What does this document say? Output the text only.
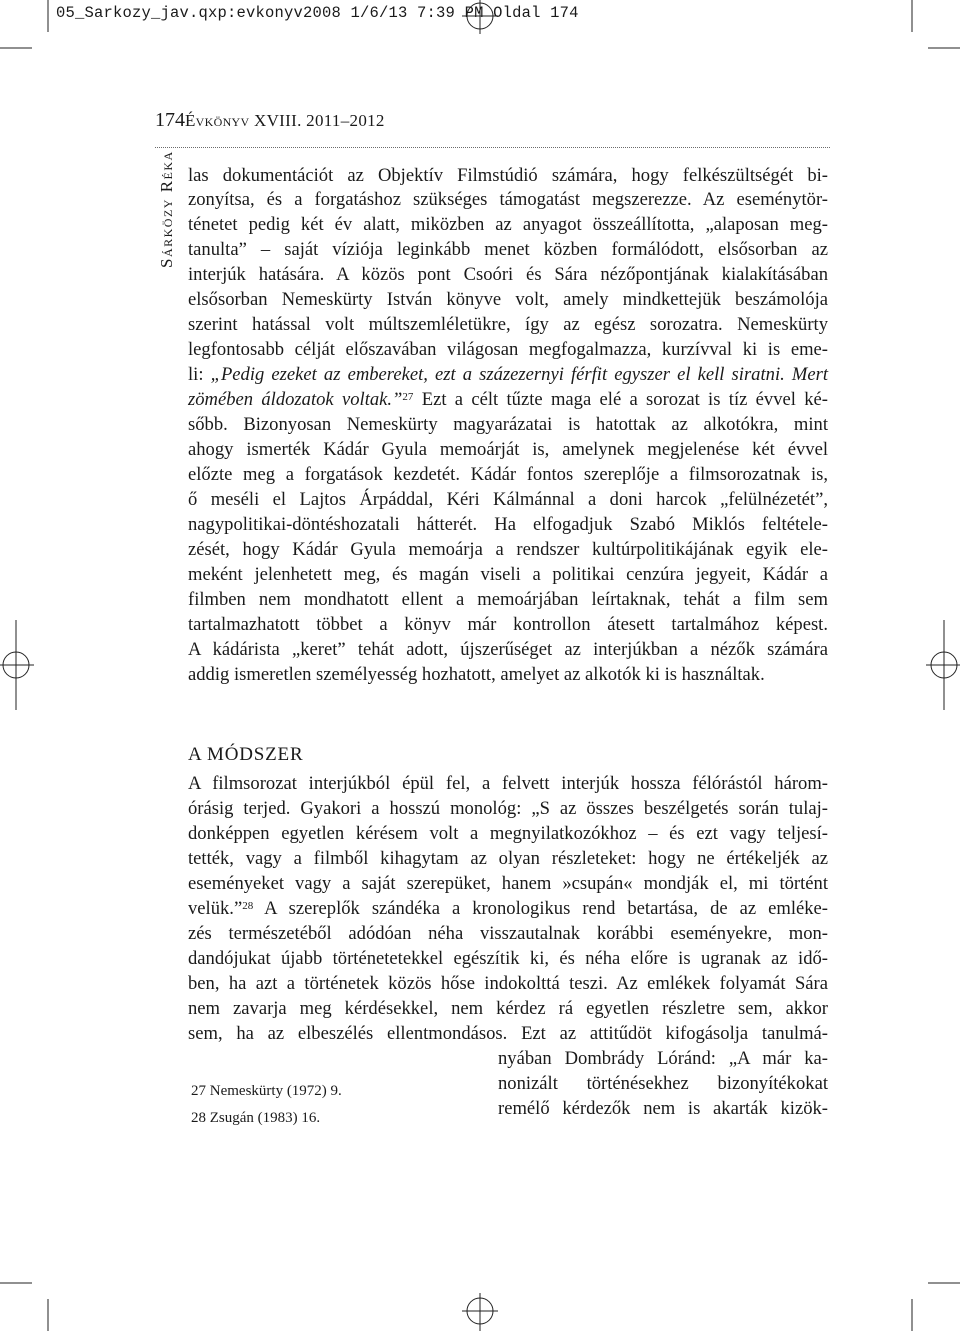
05_Sarkozy_jav.qxp:evkonyv2008 1/6/13 7:39 PM Oldal 174
174 Évkönyv XVIII. 2011–2012
Sárközy Réka las dokumentációt az Objektív Filmstúdió számára, hogy felkészültségét bi-
zonyítsa, és a forgatáshoz szükséges támogatást megszerezze. Az eseménytör-
ténetet pedig két év alatt, miközben az anyagot összeállította, „alaposan meg-
tanulta” – saját víziója leginkább menet közben formálódott, elsősorban az
interjúk hatására. A közös pont Csoóri és Sára nézőpontjának kialakításában
elsősorban Nemeskürty István könyve volt, amely mindkettejük beszámolója
szerint hatással volt múltszemléletükre, így az egész sorozatra. Nemeskürty
legfontosabb célját előszavában világosan megfogalmazza, kurzívval ki is eme-
li: „Pedig ezeket az embereket, ezt a százezernyi férfit egyszer el kell siratni. Mert
zömében áldozatok voltak.”$^{27}$ Ezt a célt tűzte maga elé a sorozat is tíz évvel ké-
sőbb. Bizonyosan Nemeskürty magyarázatai is hatottak az alkotókra, mint
ahogy ismerték Kádár Gyula memoárját is, amelynek megjelenése két évvel
előzte meg a forgatások kezdetét. Kádár fontos szereplője a filmsorozatnak is,
ő meséli el Lajtos Árpáddal, Kéri Kálmánnal a doni harcok „felülnézetét”,
nagypolitikai-döntéshozatali hátterét. Ha elfogadjuk Szabó Miklós feltétele-
zését, hogy Kádár Gyula memoárja a rendszer kultúrpolitikájának egyik ele-
meként jelenhetett meg, és magán viseli a politikai cenzúra jegyeit, Kádár a
filmben nem mondhatott ellent a memoárjában leírtaknak, tehát a film sem
tartalmazhatott többet a könyv már kontrollon átesett tartalmához képest.
A kádárista „keret” tehát adott, újszerűséget az interjúkban a nézők számára
addig ismeretlen személyesség hozhatott, amelyet az alkotók ki is használtak.
A MÓDSZER
A filmsorozat interjúkból épül fel, a felvett interjúk hossza félórástól három-
órásig terjed. Gyakori a hosszú monológ: „S az összes beszélgetés során tulaj-
donképpen egyetlen kérésem volt a megnyilatkozókhoz – és ezt vagy teljesí-
tették, vagy a filmből kihagytam az olyan részleteket: hogy ne értékeljék az
eseményeket vagy a saját szerepüket, hanem »csupán« mondják el, mi történt
velük.”$^{28}$ A szereplők szándéka a kronologikus rend betartása, de az emléke-
zés természetéből adódóan néha visszautalnak korábbi eseményekre, mon-
dandójukat újabb történetetekkel egészítik ki, és néha előre is ugranak az idő-
ben, ha azt a történetek közös hőse indokolttá teszi. Az emlékek folyamát Sára
nem zavarja meg kérdésekkel, nem kérdez rá egyetlen részletre sem, akkor
sem, ha az elbeszélés ellentmondásos. Ezt az attitűdöt kifogásolja tanulmá-
nyában Dombrády Lóránd: „A már ka-
nonizált történésekhez bizonyítékokat
remélő kérdezők nem is akarták kizök-
27 Nemeskürty (1972) 9.
28 Zsugán (1983) 16.
